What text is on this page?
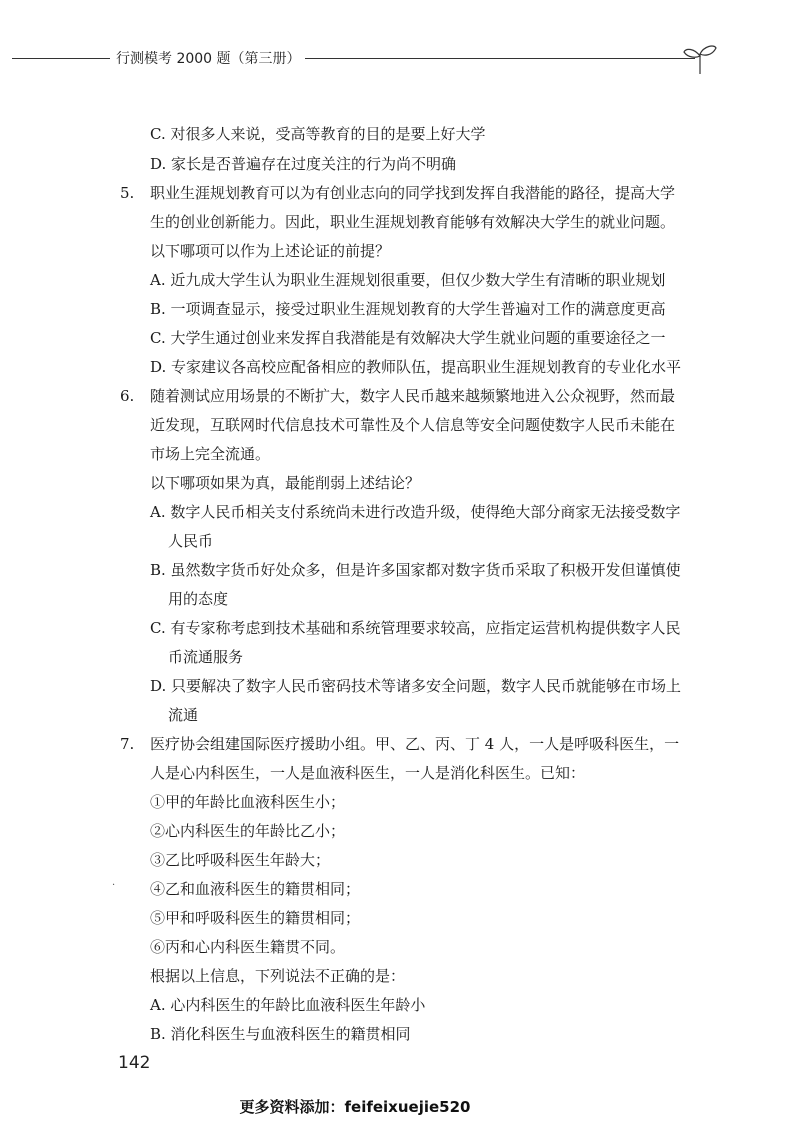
行测模考 2000 题（第三册）

C. 对很多人来说，受高等教育的目的是要上好大学

D. 家长是否普遍存在过度关注的行为尚不明确

5.	职业生涯规划教育可以为有创业志向的同学找到发挥自我潜能的路径，提高大学

生的创业创新能力。因此，职业生涯规划教育能够有效解决大学生的就业问题。

以下哪项可以作为上述论证的前提？

A. 近九成大学生认为职业生涯规划很重要，但仅少数大学生有清晰的职业规划

B. 一项调查显示，接受过职业生涯规划教育的大学生普遍对工作的满意度更高

C. 大学生通过创业来发挥自我潜能是有效解决大学生就业问题的重要途径之一

D. 专家建议各高校应配备相应的教师队伍，提高职业生涯规划教育的专业化水平

6.	随着测试应用场景的不断扩大，数字人民币越来越频繁地进入公众视野，然而最

近发现，互联网时代信息技术可靠性及个人信息等安全问题使数字人民币未能在

市场上完全流通。

以下哪项如果为真，最能削弱上述结论？

A. 数字人民币相关支付系统尚未进行改造升级，使得绝大部分商家无法接受数字

人民币

B. 虽然数字货币好处众多，但是许多国家都对数字货币采取了积极开发但谨慎使

用的态度

C. 有专家称考虑到技术基础和系统管理要求较高，应指定运营机构提供数字人民

币流通服务

D. 只要解决了数字人民币密码技术等诸多安全问题，数字人民币就能够在市场上

流通

7.	医疗协会组建国际医疗援助小组。甲、乙、丙、丁 4 人，一人是呼吸科医生，一

人是心内科医生，一人是血液科医生，一人是消化科医生。已知：

①甲的年龄比血液科医生小；

②心内科医生的年龄比乙小；

③乙比呼吸科医生年龄大；

④乙和血液科医生的籍贯相同；

⑤甲和呼吸科医生的籍贯相同；

⑥丙和心内科医生籍贯不同。

根据以上信息，下列说法不正确的是：

A. 心内科医生的年龄比血液科医生年龄小

B. 消化科医生与血液科医生的籍贯相同

·
142
更多资料添加：feifeixuejie520
